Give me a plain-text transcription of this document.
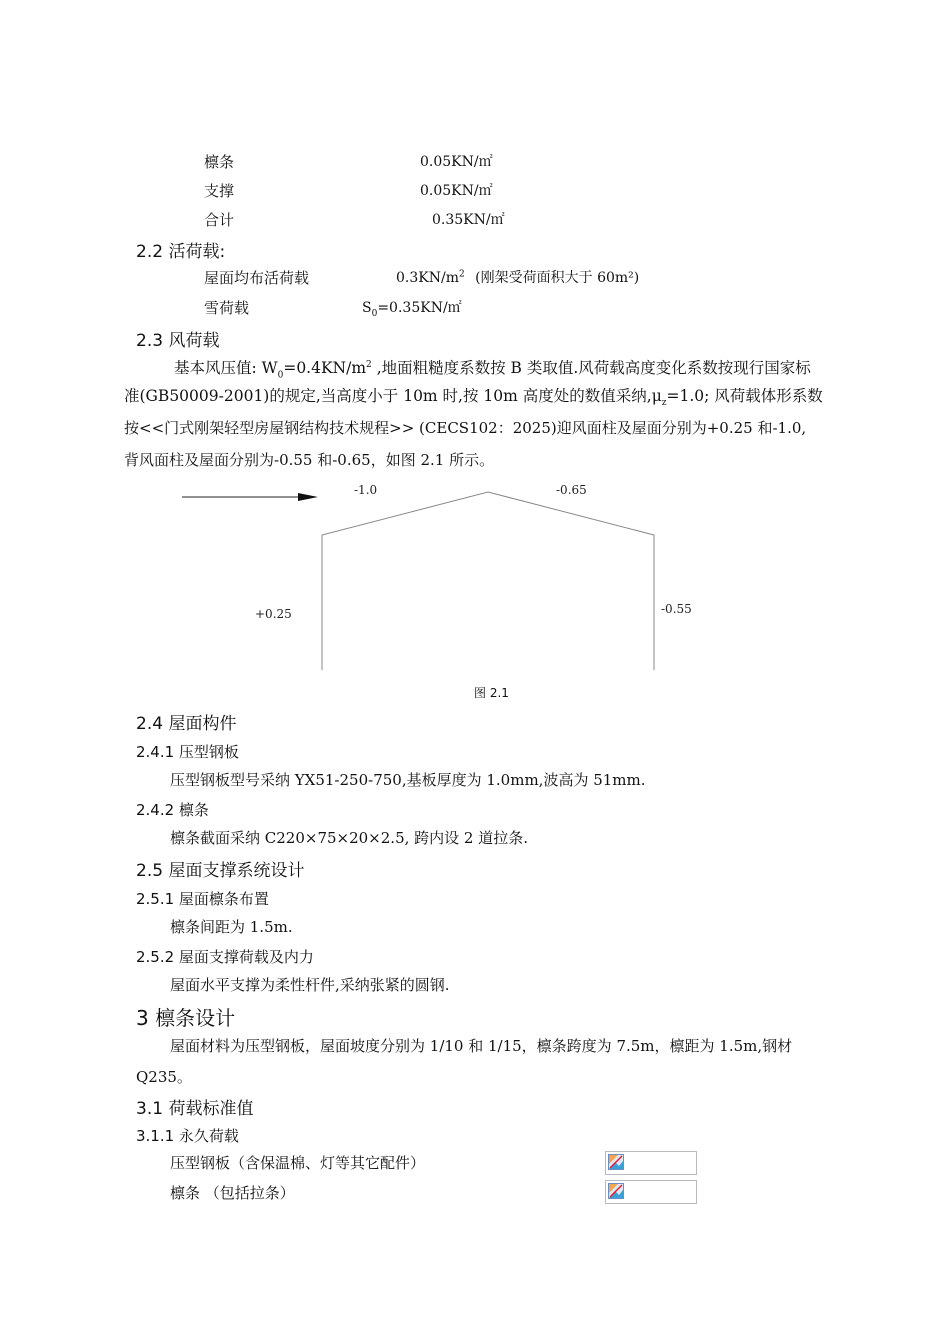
檩条	0.05KN/㎡
支撑	0.05KN/㎡
合计	0.35KN/㎡
2.2 活荷载:
屋面均布活荷载	$0.3KN/m^2$ (刚架受荷面积大于 60m²)
雪荷载	$S_0=0.35KN/㎡$
2.3 风荷载
基本风压值: $W_0=0.4KN/m^2$ ,地面粗糙度系数按 B 类取值.风荷载高度变化系数按现行国家标
准(GB50009-2001)的规定,当高度小于 10m 时,按 10m 高度处的数值采纳$,\mu_z=1.0$; 风荷载体形系数
按<<门式刚架轻型房屋钢结构技术规程>> (CECS102：2025)迎风面柱及屋面分别为+0.25 和-1.0,
背风面柱及屋面分别为-0.55 和-0.65，如图 2.1 所示。
-1.0	-0.65
+0.25	-0.55
图 2.1
2.4 屋面构件
2.4.1 压型钢板
压型钢板型号采纳 YX51-250-750,基板厚度为 1.0mm,波高为 51mm.
2.4.2 檩条
檩条截面采纳 C220×75×20×2.5, 跨内设 2 道拉条.
2.5 屋面支撑系统设计
2.5.1 屋面檩条布置
檩条间距为 1.5m.
2.5.2 屋面支撑荷载及内力
屋面水平支撑为柔性杆件,采纳张紧的圆钢.
3 檩条设计
屋面材料为压型钢板，屋面坡度分别为 1/10 和 1/15，檩条跨度为 7.5m，檩距为 1.5m,钢材
Q235。
3.1 荷载标准值
3.1.1 永久荷载
压型钢板（含保温棉、灯等其它配件）
檩条 （包括拉条）
